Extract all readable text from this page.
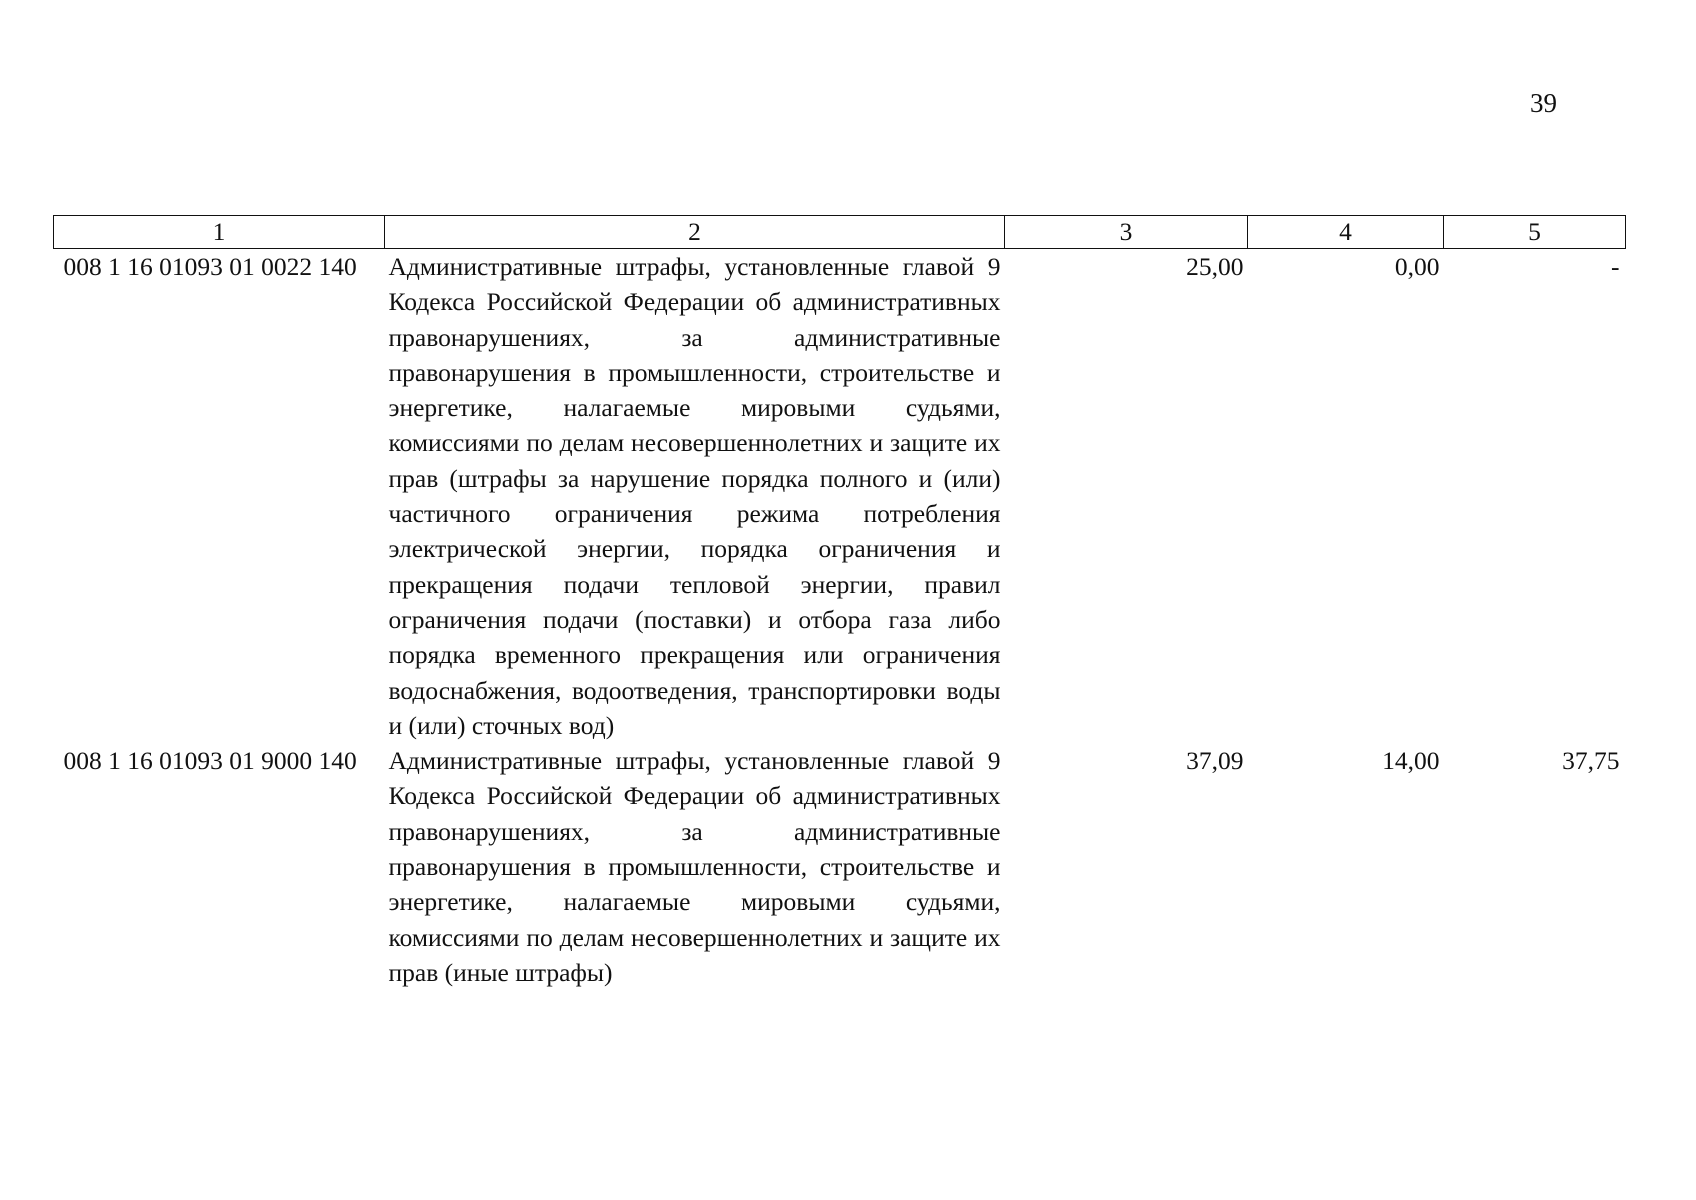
39
1	2	3	4	5
008 1 16 01093 01 0022 140	Административные штрафы, установленные главой 9 Кодекса Российской Федерации об административных правонарушениях, за административные правонарушения в промышленности, строительстве и энергетике, налагаемые мировыми судьями, комиссиями по делам несовершеннолетних и защите их прав (штрафы за нарушение порядка полного и (или) частичного ограничения режима потребления электрической энергии, порядка ограничения и прекращения подачи тепловой энергии, правил ограничения подачи (поставки) и отбора газа либо порядка временного прекращения или ограничения водоснабжения, водоотведения, транспортировки воды и (или) сточных вод)	25,00	0,00	-
008 1 16 01093 01 9000 140	Административные штрафы, установленные главой 9 Кодекса Российской Федерации об административных правонарушениях, за административные правонарушения в промышленности, строительстве и энергетике, налагаемые мировыми судьями, комиссиями по делам несовершеннолетних и защите их прав (иные штрафы)	37,09	14,00	37,75
